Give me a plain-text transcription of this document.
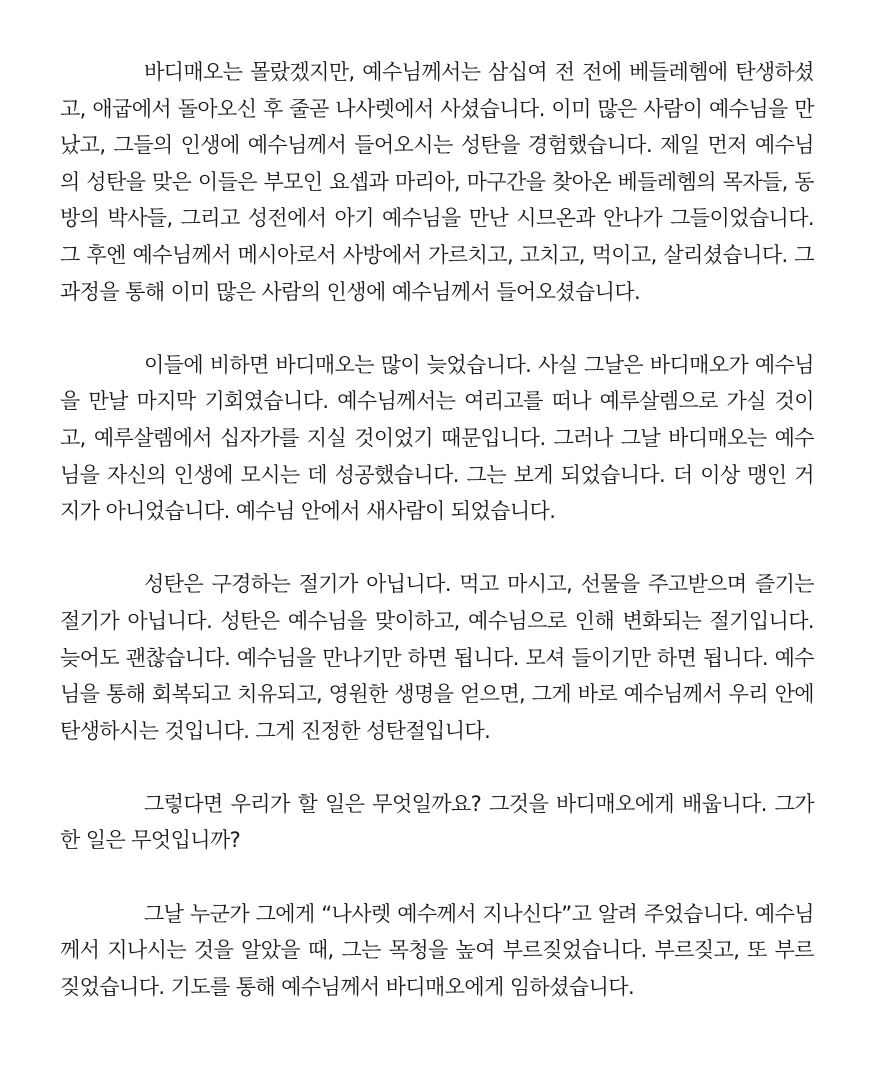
바디매오는 몰랐겠지만, 예수님께서는 삼십여 전 전에 베들레헴에 탄생하셨고, 애굽에서 돌아오신 후 줄곧 나사렛에서 사셨습니다. 이미 많은 사람이 예수님을 만났고, 그들의 인생에 예수님께서 들어오시는 성탄을 경험했습니다. 제일 먼저 예수님의 성탄을 맞은 이들은 부모인 요셉과 마리아, 마구간을 찾아온 베들레헴의 목자들, 동방의 박사들, 그리고 성전에서 아기 예수님을 만난 시므온과 안나가 그들이었습니다. 그 후엔 예수님께서 메시아로서 사방에서 가르치고, 고치고, 먹이고, 살리셨습니다. 그 과정을 통해 이미 많은 사람의 인생에 예수님께서 들어오셨습니다.

이들에 비하면 바디매오는 많이 늦었습니다. 사실 그날은 바디매오가 예수님을 만날 마지막 기회였습니다. 예수님께서는 여리고를 떠나 예루살렘으로 가실 것이고, 예루살렘에서 십자가를 지실 것이었기 때문입니다. 그러나 그날 바디매오는 예수님을 자신의 인생에 모시는 데 성공했습니다. 그는 보게 되었습니다. 더 이상 맹인 거지가 아니었습니다. 예수님 안에서 새사람이 되었습니다.

성탄은 구경하는 절기가 아닙니다. 먹고 마시고, 선물을 주고받으며 즐기는 절기가 아닙니다. 성탄은 예수님을 맞이하고, 예수님으로 인해 변화되는 절기입니다. 늦어도 괜찮습니다. 예수님을 만나기만 하면 됩니다. 모셔 들이기만 하면 됩니다. 예수님을 통해 회복되고 치유되고, 영원한 생명을 얻으면, 그게 바로 예수님께서 우리 안에 탄생하시는 것입니다. 그게 진정한 성탄절입니다.

그렇다면 우리가 할 일은 무엇일까요? 그것을 바디매오에게 배웁니다. 그가 한 일은 무엇입니까?

그날 누군가 그에게 “나사렛 예수께서 지나신다”고 알려 주었습니다. 예수님께서 지나시는 것을 알았을 때, 그는 목청을 높여 부르짖었습니다. 부르짖고, 또 부르짖었습니다. 기도를 통해 예수님께서 바디매오에게 임하셨습니다.
